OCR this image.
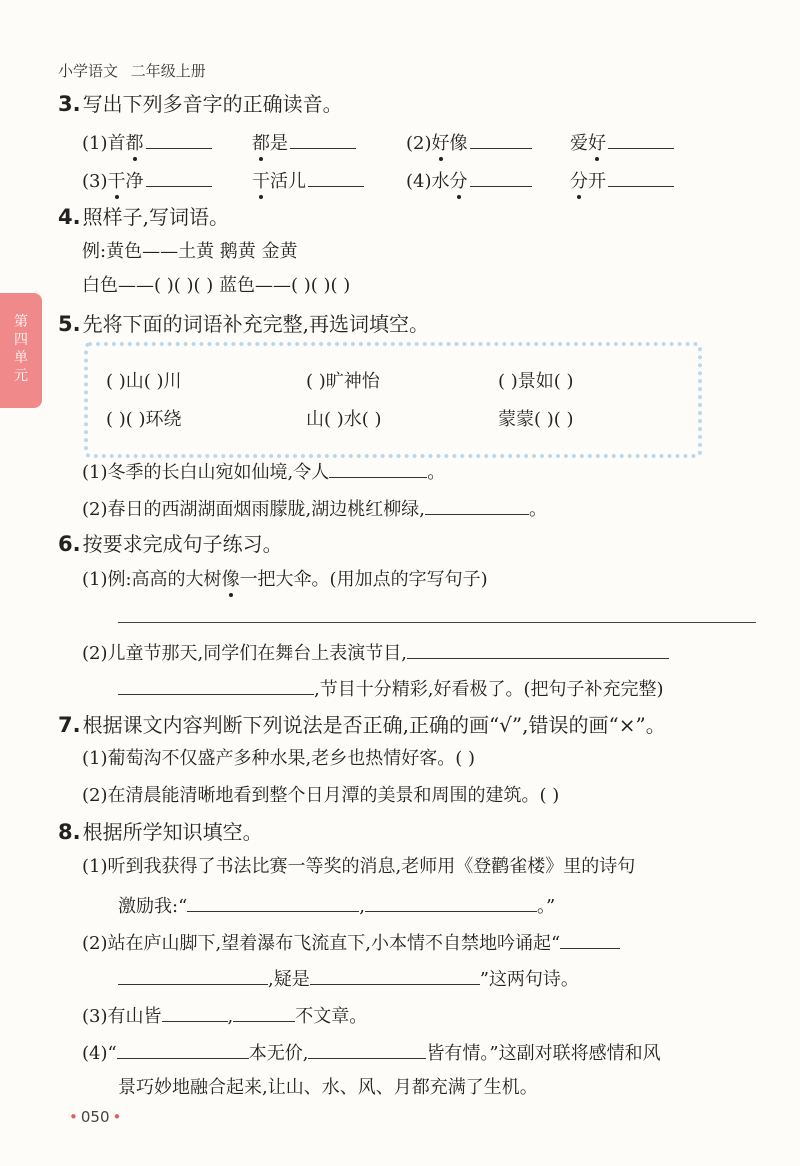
小学语文 二年级上册
第四单元
3. 写出下列多音字的正确读音。
(1)首都	都是	(2)好像	爱好
(3)干净	干活儿	(4)水分	分开
4. 照样子,写词语。
例:黄色——土黄 鹅黄 金黄
白色——( )( )( ) 蓝色——( )( )( )
5. 先将下面的词语补充完整,再选词填空。
( )山( )川	( )旷神怡	( )景如( )
( )( )环绕	山( )水( )	蒙蒙( )( )
(1)冬季的长白山宛如仙境,令人	。
(2)春日的西湖湖面烟雨朦胧,湖边桃红柳绿,	。
6. 按要求完成句子练习。
(1)例:高高的大树像一把大伞。(用加点的字写句子)
(2)儿童节那天,同学们在舞台上表演节目,
,节目十分精彩,好看极了。(把句子补充完整)
7. 根据课文内容判断下列说法是否正确,正确的画“√”,错误的画“×”。
(1)葡萄沟不仅盛产多种水果,老乡也热情好客。( )
(2)在清晨能清晰地看到整个日月潭的美景和周围的建筑。( )
8. 根据所学知识填空。
(1)听到我获得了书法比赛一等奖的消息,老师用《登鹳雀楼》里的诗句
激励我:“	,	。”
(2)站在庐山脚下,望着瀑布飞流直下,小本情不自禁地吟诵起“
,疑是	”这两句诗。
(3)有山皆	,	不文章。
(4)“	本无价,	皆有情。”这副对联将感情和风
景巧妙地融合起来,让山、水、风、月都充满了生机。
• 050 •
